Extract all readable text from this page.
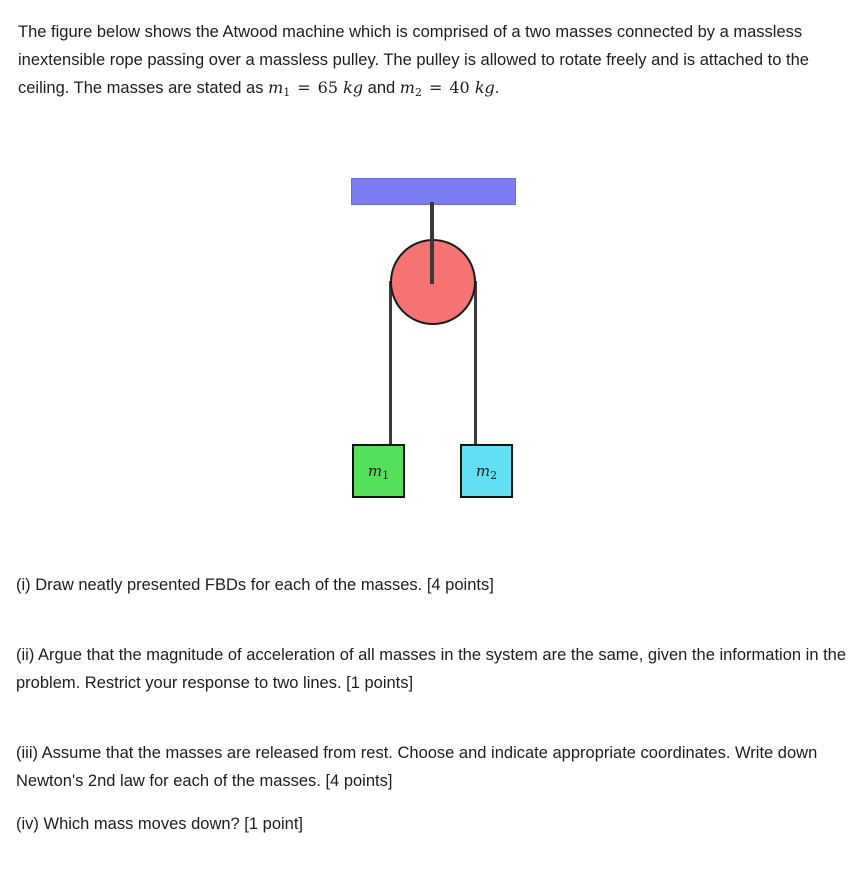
The figure below shows the Atwood machine which is comprised of a two masses connected by a massless inextensible rope passing over a massless pulley. The pulley is allowed to rotate freely and is attached to the ceiling. The masses are stated as $m_1 = 65$ kg and $m_2 = 40$ kg.

$m_1$	$m_2$

(i) Draw neatly presented FBDs for each of the masses. [4 points]

(ii) Argue that the magnitude of acceleration of all masses in the system are the same, given the information in the problem. Restrict your response to two lines. [1 points]

(iii) Assume that the masses are released from rest. Choose and indicate appropriate coordinates. Write down Newton's 2nd law for each of the masses. [4 points]

(iv) Which mass moves down? [1 point]
